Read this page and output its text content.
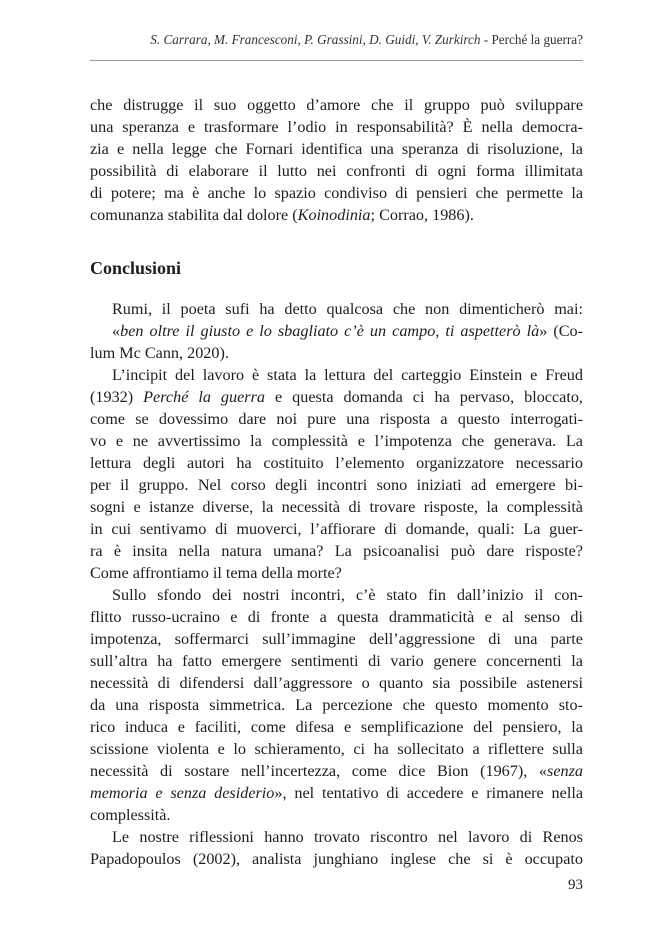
S. Carrara, M. Francesconi, P. Grassini, D. Guidi, V. Zurkirch - Perché la guerra?

che distrugge il suo oggetto d’amore che il gruppo può sviluppare
una speranza e trasformare l’odio in responsabilità? È nella democra-
zia e nella legge che Fornari identifica una speranza di risoluzione, la
possibilità di elaborare il lutto nei confronti di ogni forma illimitata
di potere; ma è anche lo spazio condiviso di pensieri che permette la
comunanza stabilita dal dolore (Koinodinia; Corrao, 1986).

Conclusioni

Rumi, il poeta sufi ha detto qualcosa che non dimenticherò mai:
«ben oltre il giusto e lo sbagliato c’è un campo, ti aspetterò là» (Co-
lum Mc Cann, 2020).

L’incipit del lavoro è stata la lettura del carteggio Einstein e Freud
(1932) Perché la guerra e questa domanda ci ha pervaso, bloccato,
come se dovessimo dare noi pure una risposta a questo interrogati-
vo e ne avvertissimo la complessità e l’impotenza che generava. La
lettura degli autori ha costituito l’elemento organizzatore necessario
per il gruppo. Nel corso degli incontri sono iniziati ad emergere bi-
sogni e istanze diverse, la necessità di trovare risposte, la complessità
in cui sentivamo di muoverci, l’affiorare di domande, quali: La guer-
ra è insita nella natura umana? La psicoanalisi può dare risposte?
Come affrontiamo il tema della morte?

Sullo sfondo dei nostri incontri, c’è stato fin dall’inizio il con-
flitto russo-ucraino e di fronte a questa drammaticità e al senso di
impotenza, soffermarci sull’immagine dell’aggressione di una parte
sull’altra ha fatto emergere sentimenti di vario genere concernenti la
necessità di difendersi dall’aggressore o quanto sia possibile astenersi
da una risposta simmetrica. La percezione che questo momento sto-
rico induca e faciliti, come difesa e semplificazione del pensiero, la
scissione violenta e lo schieramento, ci ha sollecitato a riflettere sulla
necessità di sostare nell’incertezza, come dice Bion (1967), «senza
memoria e senza desiderio», nel tentativo di accedere e rimanere nella
complessità.

Le nostre riflessioni hanno trovato riscontro nel lavoro di Renos
Papadopoulos (2002), analista junghiano inglese che si è occupato

93
